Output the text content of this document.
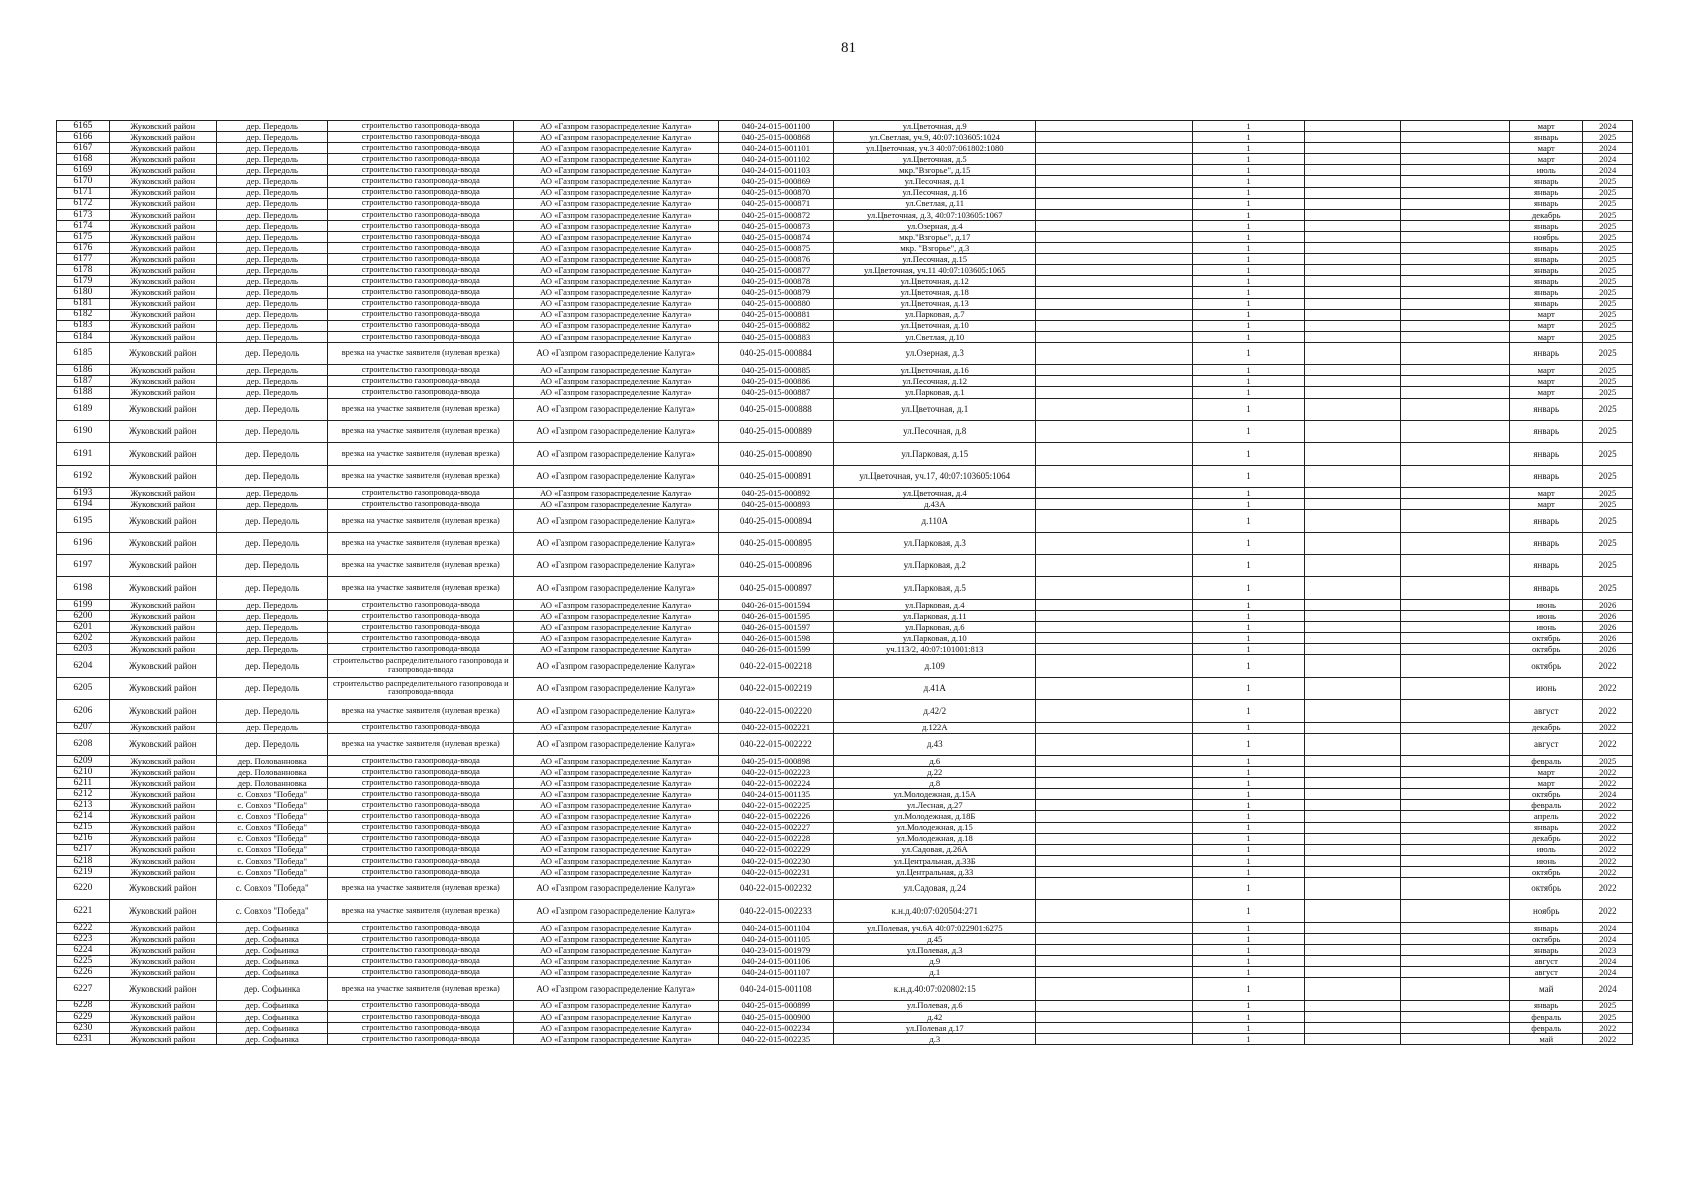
81
6165	Жуковский район	дер. Передоль	строительство газопровода-ввода	АО «Газпром газораспределение Калуга»	040-24-015-001100	ул.Цветочная, д.9		1			март	2024
6166	Жуковский район	дер. Передоль	строительство газопровода-ввода	АО «Газпром газораспределение Калуга»	040-25-015-000868	ул.Светлая, уч.9, 40:07:103605:1024		1			январь	2025
6167	Жуковский район	дер. Передоль	строительство газопровода-ввода	АО «Газпром газораспределение Калуга»	040-24-015-001101	ул.Цветочная, уч.3 40:07:061802:1080		1			март	2024
6168	Жуковский район	дер. Передоль	строительство газопровода-ввода	АО «Газпром газораспределение Калуга»	040-24-015-001102	ул.Цветочная, д.5		1			март	2024
6169	Жуковский район	дер. Передоль	строительство газопровода-ввода	АО «Газпром газораспределение Калуга»	040-24-015-001103	мкр."Взгорье", д.15		1			июль	2024
6170	Жуковский район	дер. Передоль	строительство газопровода-ввода	АО «Газпром газораспределение Калуга»	040-25-015-000869	ул.Песочная, д.1		1			январь	2025
6171	Жуковский район	дер. Передоль	строительство газопровода-ввода	АО «Газпром газораспределение Калуга»	040-25-015-000870	ул.Песочная, д.16		1			январь	2025
6172	Жуковский район	дер. Передоль	строительство газопровода-ввода	АО «Газпром газораспределение Калуга»	040-25-015-000871	ул.Светлая, д.11		1			январь	2025
6173	Жуковский район	дер. Передоль	строительство газопровода-ввода	АО «Газпром газораспределение Калуга»	040-25-015-000872	ул.Цветочная, д.3, 40:07:103605:1067		1			декабрь	2025
6174	Жуковский район	дер. Передоль	строительство газопровода-ввода	АО «Газпром газораспределение Калуга»	040-25-015-000873	ул.Озерная, д.4		1			январь	2025
6175	Жуковский район	дер. Передоль	строительство газопровода-ввода	АО «Газпром газораспределение Калуга»	040-25-015-000874	мкр."Взгорье", д.17		1			ноябрь	2025
6176	Жуковский район	дер. Передоль	строительство газопровода-ввода	АО «Газпром газораспределение Калуга»	040-25-015-000875	мкр. "Взгорье", д.3		1			январь	2025
6177	Жуковский район	дер. Передоль	строительство газопровода-ввода	АО «Газпром газораспределение Калуга»	040-25-015-000876	ул.Песочная, д.15		1			январь	2025
6178	Жуковский район	дер. Передоль	строительство газопровода-ввода	АО «Газпром газораспределение Калуга»	040-25-015-000877	ул.Цветочная, уч.11 40:07:103605:1065		1			январь	2025
6179	Жуковский район	дер. Передоль	строительство газопровода-ввода	АО «Газпром газораспределение Калуга»	040-25-015-000878	ул.Цветочная, д.12		1			январь	2025
6180	Жуковский район	дер. Передоль	строительство газопровода-ввода	АО «Газпром газораспределение Калуга»	040-25-015-000879	ул.Цветочная, д.18		1			январь	2025
6181	Жуковский район	дер. Передоль	строительство газопровода-ввода	АО «Газпром газораспределение Калуга»	040-25-015-000880	ул.Цветочная, д.13		1			январь	2025
6182	Жуковский район	дер. Передоль	строительство газопровода-ввода	АО «Газпром газораспределение Калуга»	040-25-015-000881	ул.Парковая, д.7		1			март	2025
6183	Жуковский район	дер. Передоль	строительство газопровода-ввода	АО «Газпром газораспределение Калуга»	040-25-015-000882	ул.Цветочная, д.10		1			март	2025
6184	Жуковский район	дер. Передоль	строительство газопровода-ввода	АО «Газпром газораспределение Калуга»	040-25-015-000883	ул.Светлая, д.10		1			март	2025
6185	Жуковский район	дер. Передоль	врезка на участке заявителя (нулевая врезка)	АО «Газпром газораспределение Калуга»	040-25-015-000884	ул.Озерная, д.3		1			январь	2025
6186	Жуковский район	дер. Передоль	строительство газопровода-ввода	АО «Газпром газораспределение Калуга»	040-25-015-000885	ул.Цветочная, д.16		1			март	2025
6187	Жуковский район	дер. Передоль	строительство газопровода-ввода	АО «Газпром газораспределение Калуга»	040-25-015-000886	ул.Песочная, д.12		1			март	2025
6188	Жуковский район	дер. Передоль	строительство газопровода-ввода	АО «Газпром газораспределение Калуга»	040-25-015-000887	ул.Парковая, д.1		1			март	2025
6189	Жуковский район	дер. Передоль	врезка на участке заявителя (нулевая врезка)	АО «Газпром газораспределение Калуга»	040-25-015-000888	ул.Цветочная, д.1		1			январь	2025
6190	Жуковский район	дер. Передоль	врезка на участке заявителя (нулевая врезка)	АО «Газпром газораспределение Калуга»	040-25-015-000889	ул.Песочная, д.8		1			январь	2025
6191	Жуковский район	дер. Передоль	врезка на участке заявителя (нулевая врезка)	АО «Газпром газораспределение Калуга»	040-25-015-000890	ул.Парковая, д.15		1			январь	2025
6192	Жуковский район	дер. Передоль	врезка на участке заявителя (нулевая врезка)	АО «Газпром газораспределение Калуга»	040-25-015-000891	ул.Цветочная, уч.17, 40:07:103605:1064		1			январь	2025
6193	Жуковский район	дер. Передоль	строительство газопровода-ввода	АО «Газпром газораспределение Калуга»	040-25-015-000892	ул.Цветочная, д.4		1			март	2025
6194	Жуковский район	дер. Передоль	строительство газопровода-ввода	АО «Газпром газораспределение Калуга»	040-25-015-000893	д.43А		1			март	2025
6195	Жуковский район	дер. Передоль	врезка на участке заявителя (нулевая врезка)	АО «Газпром газораспределение Калуга»	040-25-015-000894	д.110А		1			январь	2025
6196	Жуковский район	дер. Передоль	врезка на участке заявителя (нулевая врезка)	АО «Газпром газораспределение Калуга»	040-25-015-000895	ул.Парковая, д.3		1			январь	2025
6197	Жуковский район	дер. Передоль	врезка на участке заявителя (нулевая врезка)	АО «Газпром газораспределение Калуга»	040-25-015-000896	ул.Парковая, д.2		1			январь	2025
6198	Жуковский район	дер. Передоль	врезка на участке заявителя (нулевая врезка)	АО «Газпром газораспределение Калуга»	040-25-015-000897	ул.Парковая, д.5		1			январь	2025
6199	Жуковский район	дер. Передоль	строительство газопровода-ввода	АО «Газпром газораспределение Калуга»	040-26-015-001594	ул.Парковая, д.4		1			июнь	2026
6200	Жуковский район	дер. Передоль	строительство газопровода-ввода	АО «Газпром газораспределение Калуга»	040-26-015-001595	ул.Парковая, д.11		1			июнь	2026
6201	Жуковский район	дер. Передоль	строительство газопровода-ввода	АО «Газпром газораспределение Калуга»	040-26-015-001597	ул.Парковая, д.6		1			июнь	2026
6202	Жуковский район	дер. Передоль	строительство газопровода-ввода	АО «Газпром газораспределение Калуга»	040-26-015-001598	ул.Парковая, д.10		1			октябрь	2026
6203	Жуковский район	дер. Передоль	строительство газопровода-ввода	АО «Газпром газораспределение Калуга»	040-26-015-001599	уч.113/2, 40:07:101001:813		1			октябрь	2026
6204	Жуковский район	дер. Передоль	строительство распределительного газопровода и газопровода-ввода	АО «Газпром газораспределение Калуга»	040-22-015-002218	д.109		1			октябрь	2022
6205	Жуковский район	дер. Передоль	строительство распределительного газопровода и газопровода-ввода	АО «Газпром газораспределение Калуга»	040-22-015-002219	д.41А		1			июнь	2022
6206	Жуковский район	дер. Передоль	врезка на участке заявителя (нулевая врезка)	АО «Газпром газораспределение Калуга»	040-22-015-002220	д.42/2		1			август	2022
6207	Жуковский район	дер. Передоль	строительство газопровода-ввода	АО «Газпром газораспределение Калуга»	040-22-015-002221	д.122А		1			декабрь	2022
6208	Жуковский район	дер. Передоль	врезка на участке заявителя (нулевая врезка)	АО «Газпром газораспределение Калуга»	040-22-015-002222	д.43		1			август	2022
6209	Жуковский район	дер. Полованновка	строительство газопровода-ввода	АО «Газпром газораспределение Калуга»	040-25-015-000898	д.6		1			февраль	2025
6210	Жуковский район	дер. Полованновка	строительство газопровода-ввода	АО «Газпром газораспределение Калуга»	040-22-015-002223	д.22		1			март	2022
6211	Жуковский район	дер. Полованновка	строительство газопровода-ввода	АО «Газпром газораспределение Калуга»	040-22-015-002224	д.8		1			март	2022
6212	Жуковский район	с. Совхоз "Победа"	строительство газопровода-ввода	АО «Газпром газораспределение Калуга»	040-24-015-001135	ул.Молодежная, д.15А		1			октябрь	2024
6213	Жуковский район	с. Совхоз "Победа"	строительство газопровода-ввода	АО «Газпром газораспределение Калуга»	040-22-015-002225	ул.Лесная, д.27		1			февраль	2022
6214	Жуковский район	с. Совхоз "Победа"	строительство газопровода-ввода	АО «Газпром газораспределение Калуга»	040-22-015-002226	ул.Молодежная, д.18Б		1			апрель	2022
6215	Жуковский район	с. Совхоз "Победа"	строительство газопровода-ввода	АО «Газпром газораспределение Калуга»	040-22-015-002227	ул.Молодежная, д.15		1			январь	2022
6216	Жуковский район	с. Совхоз "Победа"	строительство газопровода-ввода	АО «Газпром газораспределение Калуга»	040-22-015-002228	ул.Молодежная, д.18		1			декабрь	2022
6217	Жуковский район	с. Совхоз "Победа"	строительство газопровода-ввода	АО «Газпром газораспределение Калуга»	040-22-015-002229	ул.Садовая, д.26А		1			июль	2022
6218	Жуковский район	с. Совхоз "Победа"	строительство газопровода-ввода	АО «Газпром газораспределение Калуга»	040-22-015-002230	ул.Центральная, д.33Б		1			июнь	2022
6219	Жуковский район	с. Совхоз "Победа"	строительство газопровода-ввода	АО «Газпром газораспределение Калуга»	040-22-015-002231	ул.Центральная, д.33		1			октябрь	2022
6220	Жуковский район	с. Совхоз "Победа"	врезка на участке заявителя (нулевая врезка)	АО «Газпром газораспределение Калуга»	040-22-015-002232	ул.Садовая, д.24		1			октябрь	2022
6221	Жуковский район	с. Совхоз "Победа"	врезка на участке заявителя (нулевая врезка)	АО «Газпром газораспределение Калуга»	040-22-015-002233	к.н.д.40:07:020504:271		1			ноябрь	2022
6222	Жуковский район	дер. Софьинка	строительство газопровода-ввода	АО «Газпром газораспределение Калуга»	040-24-015-001104	ул.Полевая, уч.6А 40:07:022901:6275		1			январь	2024
6223	Жуковский район	дер. Софьинка	строительство газопровода-ввода	АО «Газпром газораспределение Калуга»	040-24-015-001105	д.45		1			октябрь	2024
6224	Жуковский район	дер. Софьинка	строительство газопровода-ввода	АО «Газпром газораспределение Калуга»	040-23-015-001979	ул.Полевая, д.3		1			январь	2023
6225	Жуковский район	дер. Софьинка	строительство газопровода-ввода	АО «Газпром газораспределение Калуга»	040-24-015-001106	д.9		1			август	2024
6226	Жуковский район	дер. Софьинка	строительство газопровода-ввода	АО «Газпром газораспределение Калуга»	040-24-015-001107	д.1		1			август	2024
6227	Жуковский район	дер. Софьинка	врезка на участке заявителя (нулевая врезка)	АО «Газпром газораспределение Калуга»	040-24-015-001108	к.н.д.40:07:020802:15		1			май	2024
6228	Жуковский район	дер. Софьинка	строительство газопровода-ввода	АО «Газпром газораспределение Калуга»	040-25-015-000899	ул.Полевая, д.6		1			январь	2025
6229	Жуковский район	дер. Софьинка	строительство газопровода-ввода	АО «Газпром газораспределение Калуга»	040-25-015-000900	д.42		1			февраль	2025
6230	Жуковский район	дер. Софьинка	строительство газопровода-ввода	АО «Газпром газораспределение Калуга»	040-22-015-002234	ул.Полевая д.17		1			февраль	2022
6231	Жуковский район	дер. Софьинка	строительство газопровода-ввода	АО «Газпром газораспределение Калуга»	040-22-015-002235	д.3		1			май	2022
